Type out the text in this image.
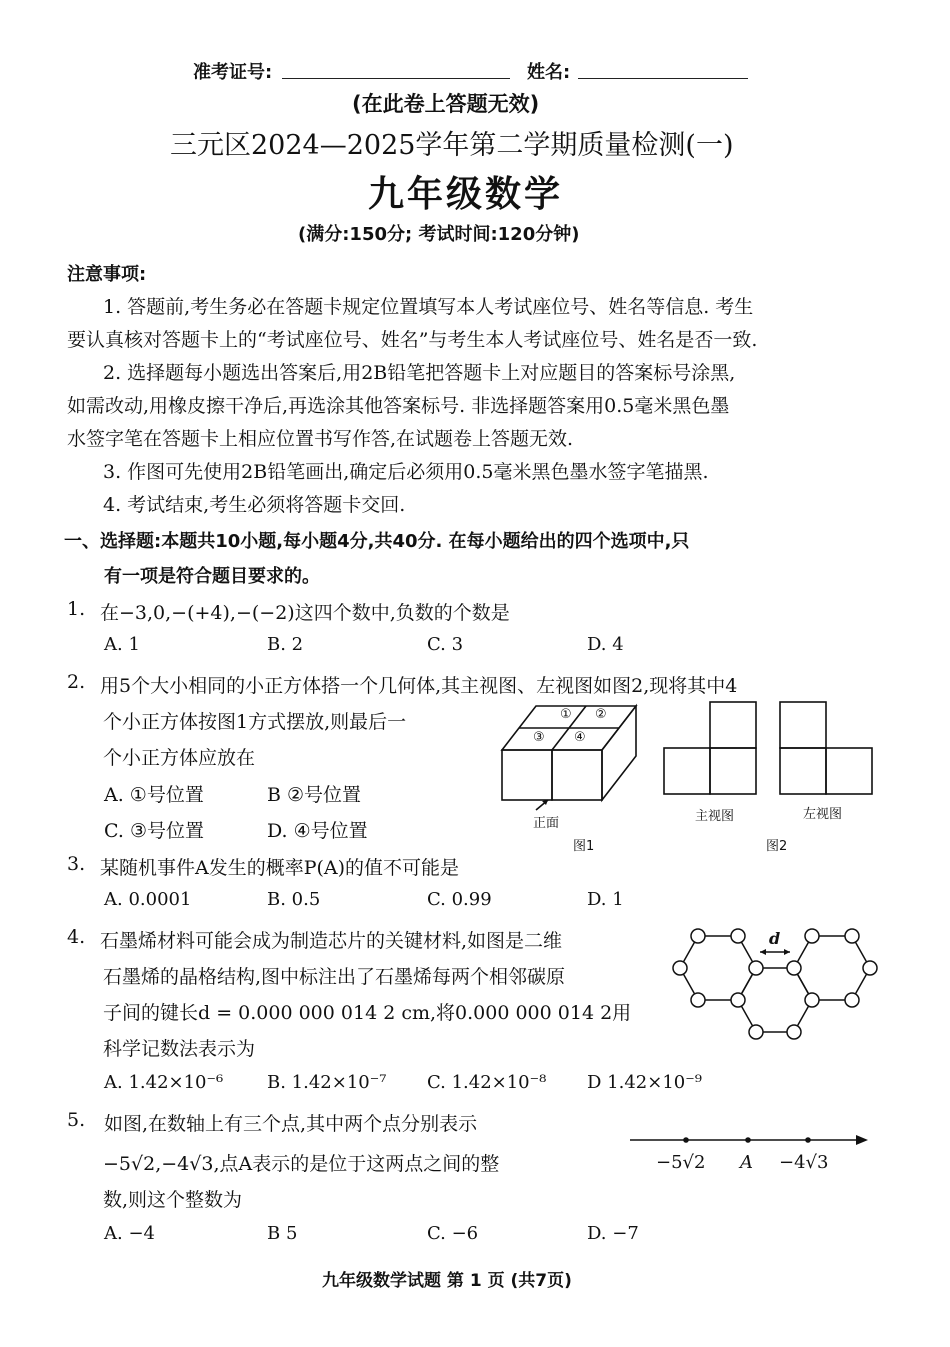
准考证号:	姓名:
(在此卷上答题无效)
三元区2024—2025学年第二学期质量检测(一)
九年级数学
(满分:150分; 考试时间:120分钟)
注意事项:
1. 答题前,考生务必在答题卡规定位置填写本人考试座位号、姓名等信息. 考生
要认真核对答题卡上的“考试座位号、姓名”与考生本人考试座位号、姓名是否一致.
2. 选择题每小题选出答案后,用2B铅笔把答题卡上对应题目的答案标号涂黑,
如需改动,用橡皮擦干净后,再选涂其他答案标号. 非选择题答案用0.5毫米黑色墨
水签字笔在答题卡上相应位置书写作答,在试题卷上答题无效.
3. 作图可先使用2B铅笔画出,确定后必须用0.5毫米黑色墨水签字笔描黑.
4. 考试结束,考生必须将答题卡交回.
一、选择题:本题共10小题,每小题4分,共40分. 在每小题给出的四个选项中,只
有一项是符合题目要求的。
1. 在−3,0,−(+4),−(−2)这四个数中,负数的个数是
A. 1	B. 2	C. 3	D. 4
2. 用5个大小相同的小正方体搭一个几何体,其主视图、左视图如图2,现将其中4
个小正方体按图1方式摆放,则最后一
个小正方体应放在
A. ①号位置	B ②号位置
C. ③号位置	D. ④号位置
① ②
③ ④
正面
图1
主视图	左视图
图2
3. 某随机事件A发生的概率P(A)的值不可能是
A. 0.0001	B. 0.5	C. 0.99	D. 1
4. 石墨烯材料可能会成为制造芯片的关键材料,如图是二维
石墨烯的晶格结构,图中标注出了石墨烯每两个相邻碳原
子间的键长d = 0.000 000 014 2 cm,将0.000 000 014 2用
科学记数法表示为
A. 1.42×10⁻⁶ B. 1.42×10⁻⁷ C. 1.42×10⁻⁸ D 1.42×10⁻⁹
d
5. 如图,在数轴上有三个点,其中两个点分别表示
−5√2,−4√3,点A表示的是位于这两点之间的整
数,则这个整数为
A. −4	B 5	C. −6	D. −7
−5√2 A −4√3
九年级数学试题 第 1 页 (共7页)
